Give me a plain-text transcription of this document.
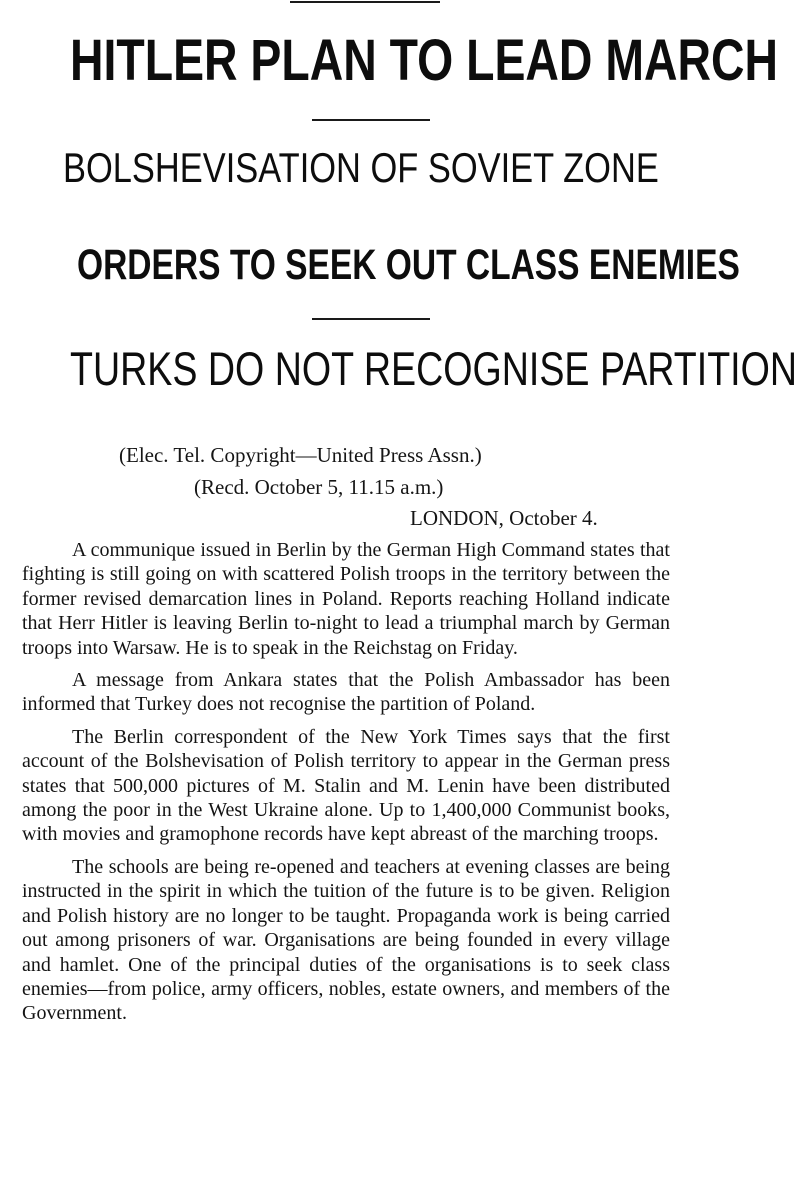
HITLER PLAN TO LEAD MARCH
BOLSHEVISATION OF SOVIET ZONE
ORDERS TO SEEK OUT CLASS ENEMIES
TURKS DO NOT RECOGNISE PARTITION
(Elec. Tel. Copyright—United Press Assn.)
(Recd. October 5, 11.15 a.m.)
LONDON, October 4.

A communique issued in Berlin by the German High Command states that fighting is still going on with scattered Polish troops in the territory between the former revised demarcation lines in Poland. Reports reaching Holland indicate that Herr Hitler is leaving Berlin to-night to lead a triumphal march by German troops into Warsaw. He is to speak in the Reichstag on Friday.

A message from Ankara states that the Polish Ambassador has been informed that Turkey does not recognise the partition of Poland.

The Berlin correspondent of the New York Times says that the first account of the Bolshevisation of Polish territory to appear in the German press states that 500,000 pictures of M. Stalin and M. Lenin have been distributed among the poor in the West Ukraine alone. Up to 1,400,000 Communist books, with movies and gramophone records have kept abreast of the marching troops.

The schools are being re-opened and teachers at evening classes are being instructed in the spirit in which the tuition of the future is to be given. Religion and Polish history are no longer to be taught. Propaganda work is being carried out among prisoners of war. Organisations are being founded in every village and hamlet. One of the principal duties of the organisations is to seek class enemies—from police, army officers, nobles, estate owners, and members of the Government.
